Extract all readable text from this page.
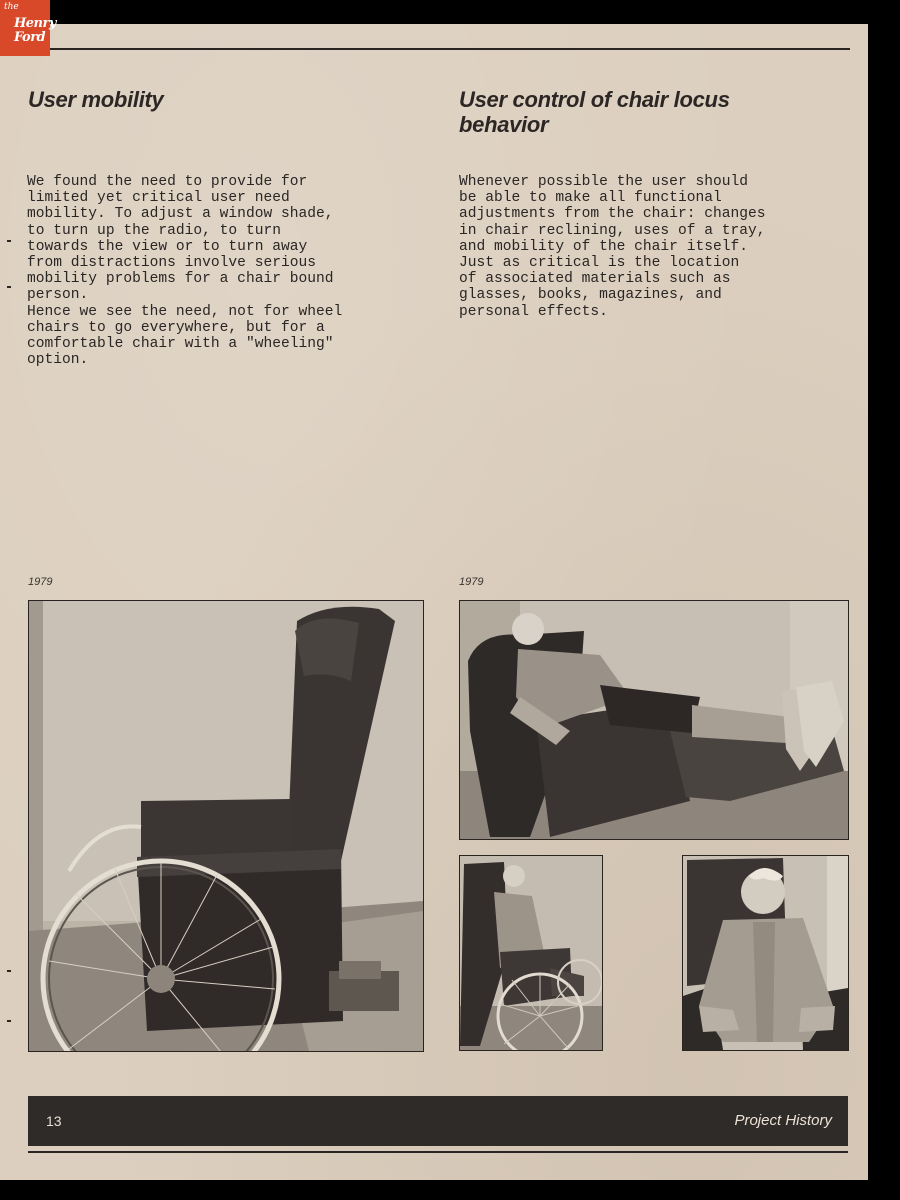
User mobility
We found the need to provide for
limited yet critical user need
mobility. To adjust a window shade,
to turn up the radio, to turn
towards the view or to turn away
from distractions involve serious
mobility problems for a chair bound
person.
Hence we see the need, not for wheel
chairs to go everywhere, but for a
comfortable chair with a "wheeling"
option.
User control of chair locus
behavior
Whenever possible the user should
be able to make all functional
adjustments from the chair: changes
in chair reclining, uses of a tray,
and mobility of the chair itself.
Just as critical is the location
of associated materials such as
glasses, books, magazines, and
personal effects.
1979	1979
13	Project History
the
Henry
Ford
